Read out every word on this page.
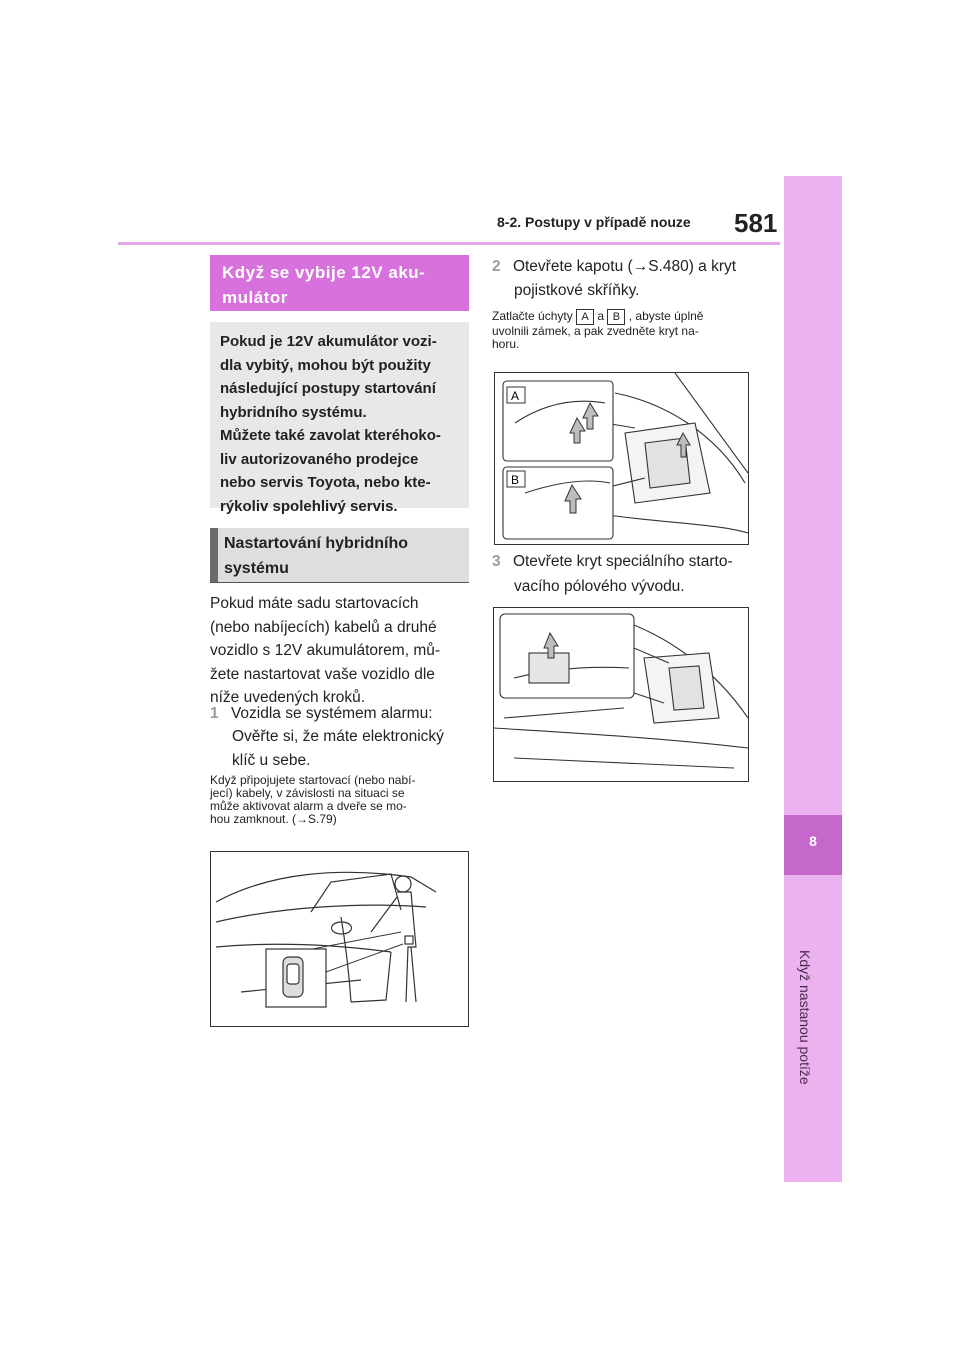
8-2. Postupy v případě nouze 581
8
Když nastanou potíže
Když se vybije 12V aku-
mulátor
Pokud je 12V akumulátor vozi-
dla vybitý, mohou být použity
následující postupy startování
hybridního systému.
Můžete také zavolat kteréhoko-
liv autorizovaného prodejce
nebo servis Toyota, nebo kte-
rýkoliv spolehlivý servis.
Nastartování hybridního
systému
Pokud máte sadu startovacích
(nebo nabíjecích) kabelů a druhé
vozidlo s 12V akumulátorem, mů-
žete nastartovat vaše vozidlo dle
níže uvedených kroků.
1 Vozidla se systémem alarmu:
Ověřte si, že máte elektronický
klíč u sebe.
Když připojujete startovací (nebo nabí-
jecí) kabely, v závislosti na situaci se
může aktivovat alarm a dveře se mo-
hou zamknout. (→S.79)
2 Otevřete kapotu (→S.480) a kryt
pojistkové skříňky.
Zatlačte úchyty A a B , abyste úplně
uvolnili zámek, a pak zvedněte kryt na-
horu.
A
B
3 Otevřete kryt speciálního starto-
vacího pólového vývodu.
